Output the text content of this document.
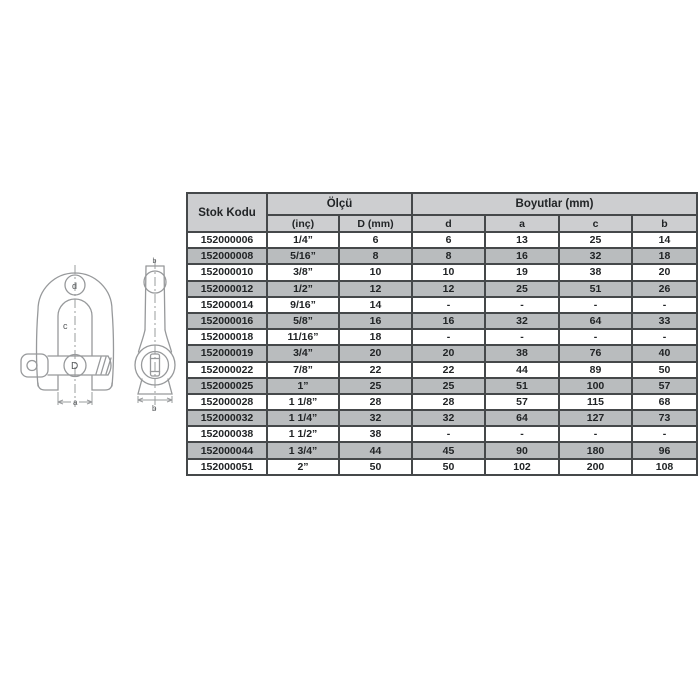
a
d
c
D
b
b
Stok Kodu	Ölçü		Boyutlar (mm)			
	(inç)	D (mm)	d	a	c	b
152000006	1/4”	6	6	13	25	14
152000008	5/16”	8	8	16	32	18
152000010	3/8”	10	10	19	38	20
152000012	1/2”	12	12	25	51	26
152000014	9/16”	14	-	-	-	-
152000016	5/8”	16	16	32	64	33
152000018	11/16”	18	-	-	-	-
152000019	3/4”	20	20	38	76	40
152000022	7/8”	22	22	44	89	50
152000025	1”	25	25	51	100	57
152000028	1 1/8”	28	28	57	115	68
152000032	1 1/4”	32	32	64	127	73
152000038	1 1/2”	38	-	-	-	-
152000044	1 3/4”	44	45	90	180	96
152000051	2”	50	50	102	200	108
